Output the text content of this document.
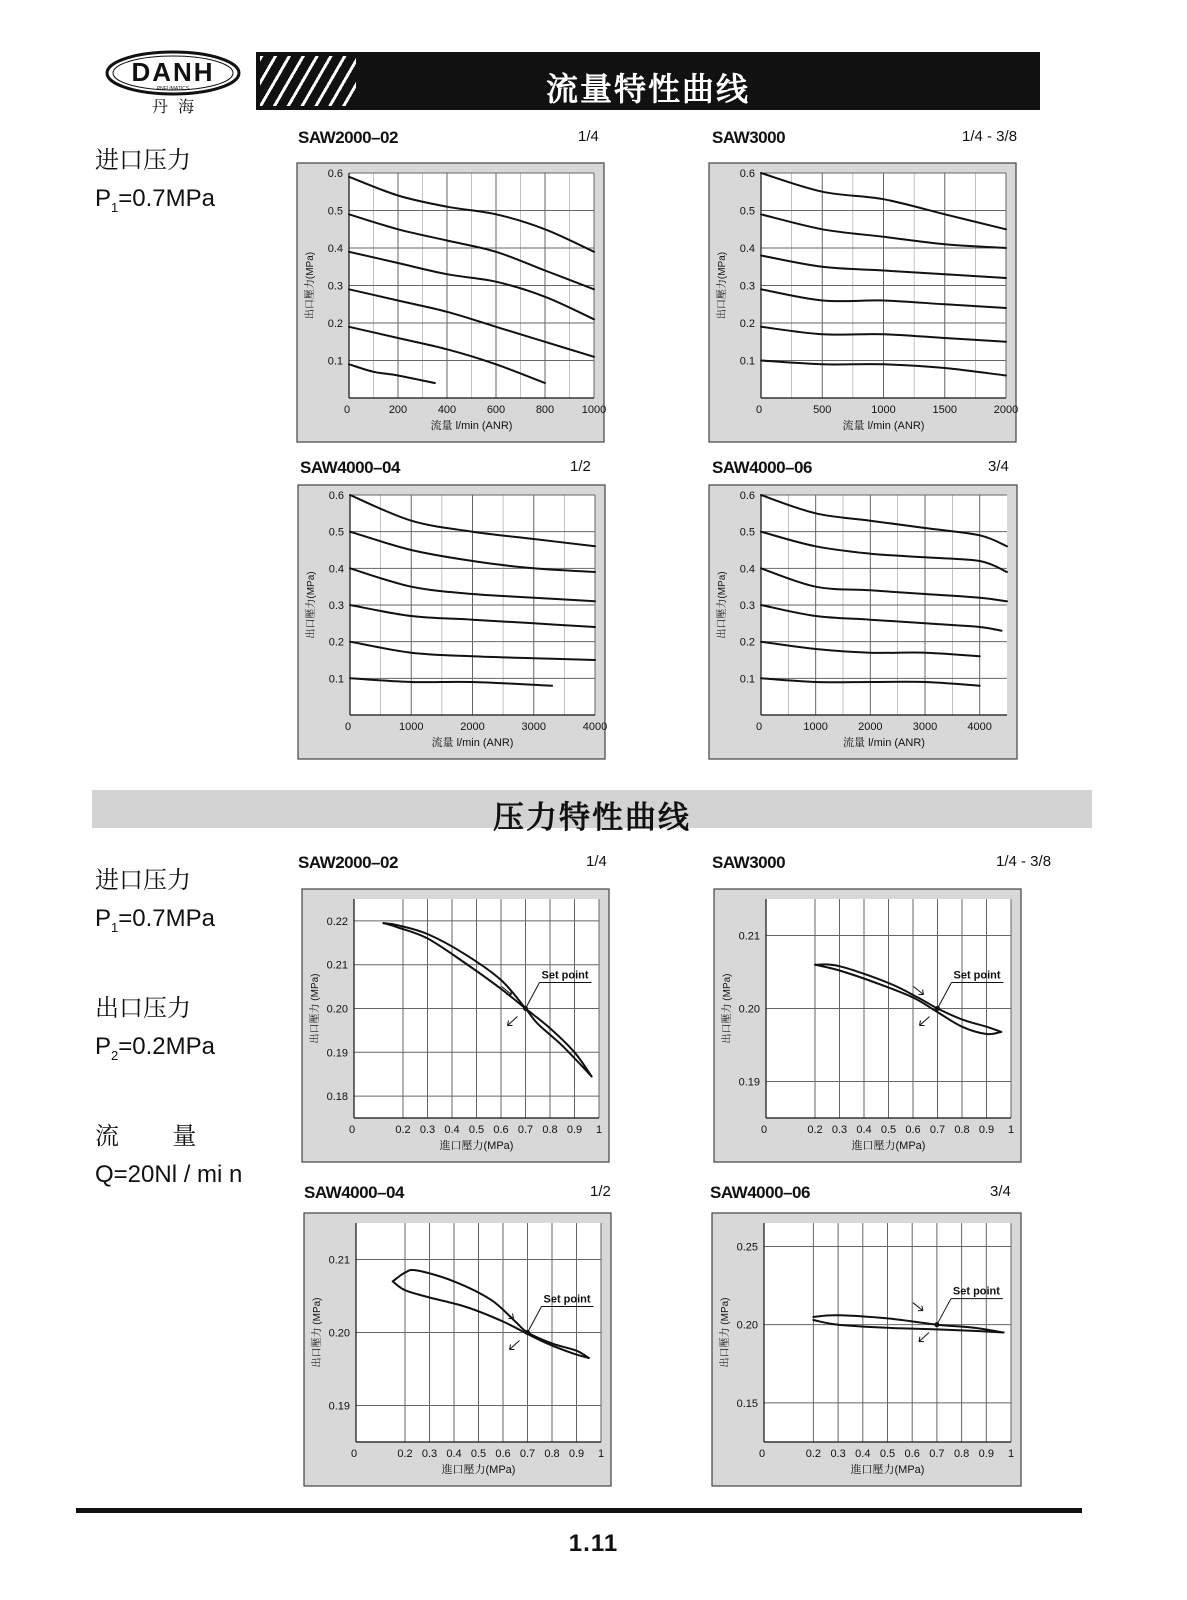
DANH
PNEUMATICS
丹  海	流量特性曲线
进口压力
$P_1=0.7MPa$
压力特性曲线
进口压力
$P_1=0.7MPa$
出口压力
$P_2=0.2MPa$
流        量
Q=20Nl / mi n
SAW2000–02	1/4	SAW3000	1/4 - 3/8
SAW4000–04	1/2	SAW4000–06	3/4
SAW2000–02	1/4	SAW3000	1/4 - 3/8
SAW4000–04	1/2	SAW4000–06	3/4
0.1
0.2
0.3
0.4
0.5
0.6
0	200	400	600	800	1000
流量 l/min (ANR)
出口壓力(MPa)
0.1
0.2
0.3
0.4
0.5
0.6
0	500	1000	1500	2000
流量 l/min (ANR)
出口壓力(MPa)
0.1
0.2
0.3
0.4
0.5
0.6
0	1000	2000	3000	4000
流量 l/min (ANR)
出口壓力(MPa)
0.1
0.2
0.3
0.4
0.5
0.6
0	1000	2000	3000	4000
流量 l/min (ANR)
出口壓力(MPa)
0.18
0.19
0.20
0.21
0.22
0	0.2 0.3 0.4 0.5 0.6 0.7 0.8 0.9 1
進口壓力(MPa)
出口壓力 (MPa)	Set point
0.19
0.20
0.21
0	0.2 0.3 0.4 0.5 0.6 0.7 0.8 0.9 1
進口壓力(MPa)
出口壓力 (MPa)	Set point
0.19
0.20
0.21
0	0.2 0.3 0.4 0.5 0.6 0.7 0.8 0.9 1
進口壓力(MPa)
出口壓力 (MPa)	Set point
0.15
0.20
0.25
0	0.2 0.3 0.4 0.5 0.6 0.7 0.8 0.9 1
進口壓力(MPa)
出口壓力 (MPa)
Set point
1.11
